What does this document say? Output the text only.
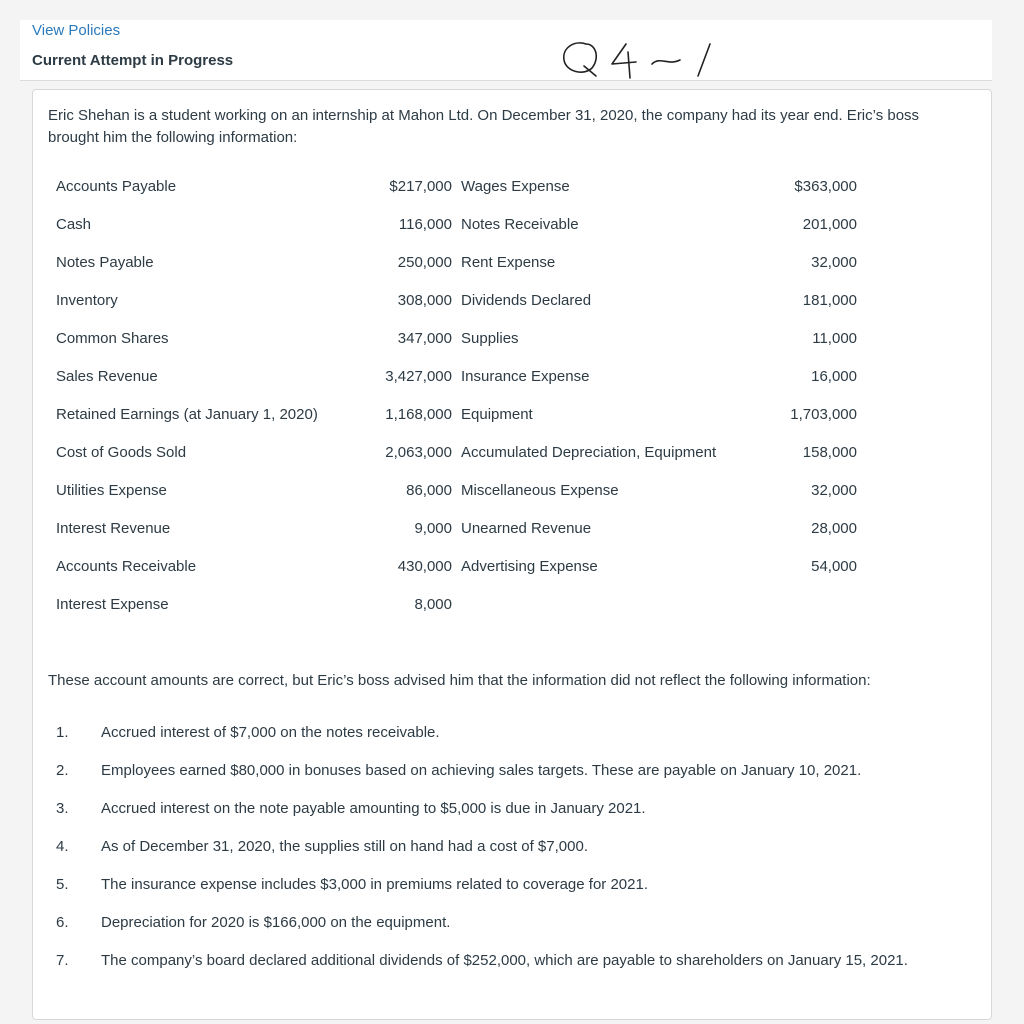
View Policies
Current Attempt in Progress

Eric Shehan is a student working on an internship at Mahon Ltd. On December 31, 2020, the company had its year end. Eric’s boss brought him the following information:

Accounts Payable	$217,000 Wages Expense	$363,000
Cash	116,000 Notes Receivable	201,000
Notes Payable	250,000 Rent Expense	32,000
Inventory	308,000 Dividends Declared	181,000
Common Shares	347,000 Supplies	11,000
Sales Revenue	3,427,000 Insurance Expense	16,000
Retained Earnings (at January 1, 2020)	1,168,000 Equipment	1,703,000
Cost of Goods Sold	2,063,000 Accumulated Depreciation, Equipment	158,000
Utilities Expense	86,000 Miscellaneous Expense	32,000
Interest Revenue	9,000 Unearned Revenue	28,000
Accounts Receivable	430,000 Advertising Expense	54,000
Interest Expense	8,000

These account amounts are correct, but Eric’s boss advised him that the information did not reflect the following information:

1. Accrued interest of $7,000 on the notes receivable.
2. Employees earned $80,000 in bonuses based on achieving sales targets. These are payable on January 10, 2021.
3. Accrued interest on the note payable amounting to $5,000 is due in January 2021.
4. As of December 31, 2020, the supplies still on hand had a cost of $7,000.
5. The insurance expense includes $3,000 in premiums related to coverage for 2021.
6. Depreciation for 2020 is $166,000 on the equipment.
7. The company’s board declared additional dividends of $252,000, which are payable to shareholders on January 15, 2021.
